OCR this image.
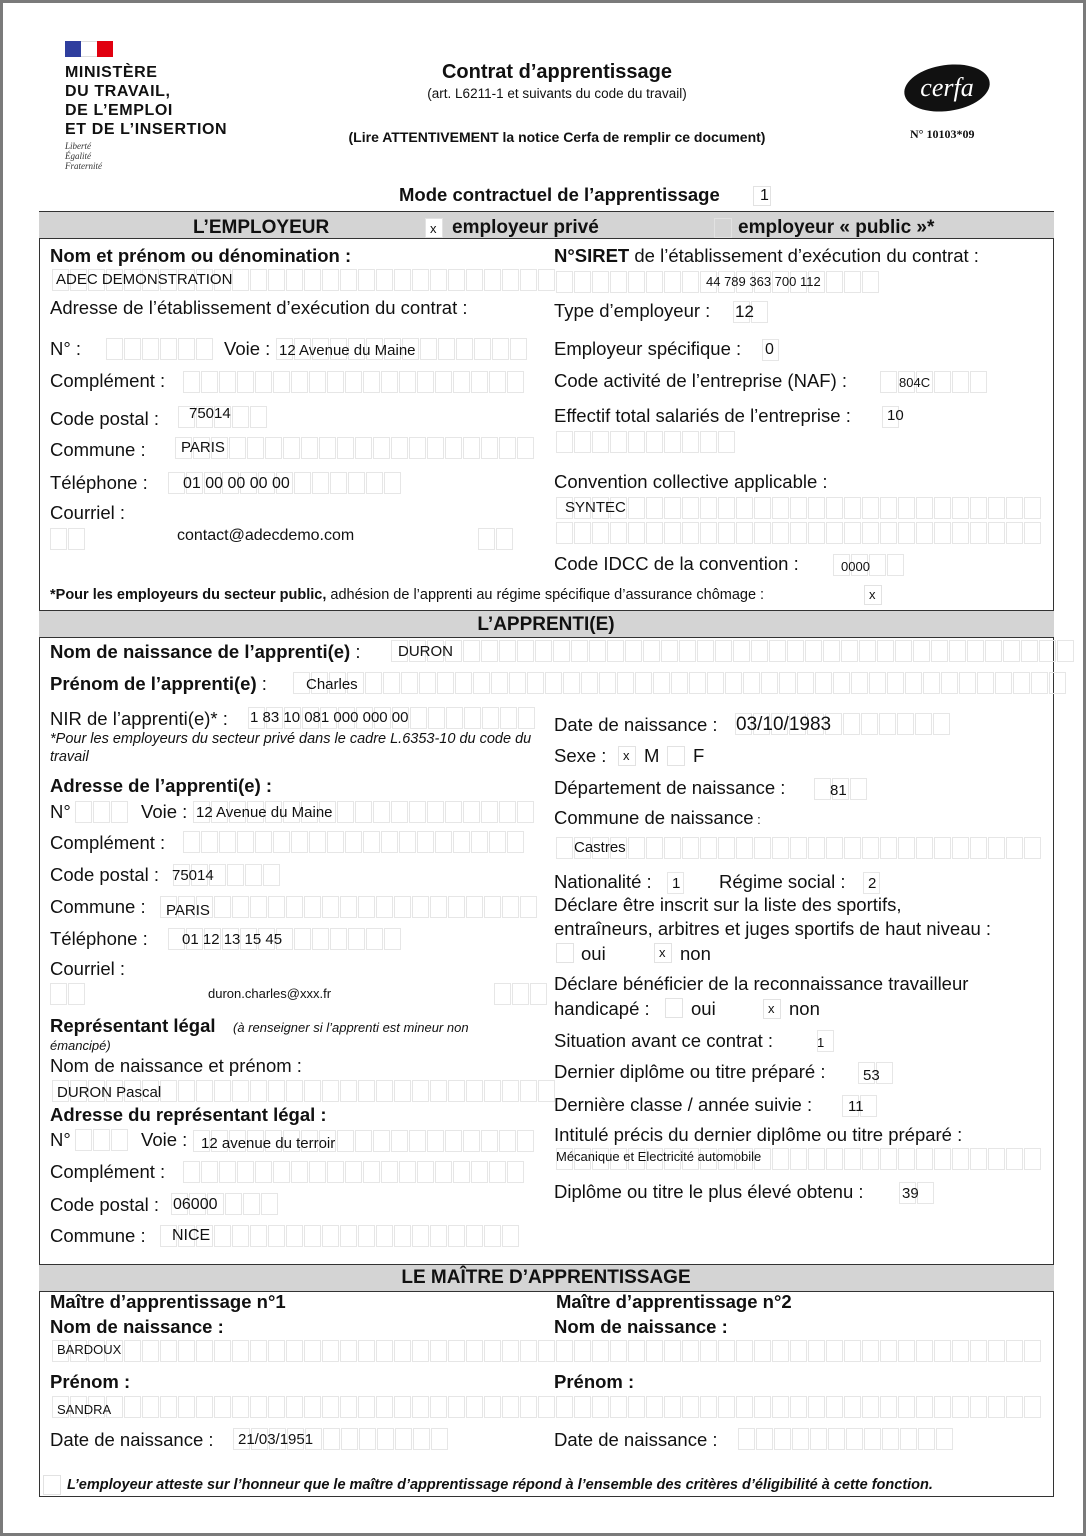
MINISTÈRE
DU TRAVAIL,
DE L’EMPLOI
ET DE L’INSERTION
Liberté
Égalité
Fraternité
Contrat d’apprentissage
(art. L6211-1 et suivants du code du travail)
(Lire ATTENTIVEMENT la notice Cerfa de remplir ce document)
cerfa
N° 10103*09
Mode contractuel de l’apprentissage	1
L’EMPLOYEUR	x employeur privé	employeur « public »*
Nom et prénom ou dénomination :
ADEC DEMONSTRATION
Adresse de l’établissement d’exécution du contrat :
N° :	Voie : 12 Avenue du Maine
Complément :
Code postal : 75014
Commune : PARIS
Téléphone : 01 00 00 00 00
Courriel :
contact@adecdemo.com
N°SIRET de l’établissement d’exécution du contrat :
44 789 363 700 112
Type d’employeur : 12
Employeur spécifique : 0
Code activité de l’entreprise (NAF) :	804C
Effectif total salariés de l’entreprise : 10
Convention collective applicable :
SYNTEC
Code IDCC de la convention :	0000
*Pour les employeurs du secteur public, adhésion de l’apprenti au régime spécifique d’assurance chômage :	x
L’APPRENTI(E)
Nom de naissance de l’apprenti(e) :	DURON
Prénom de l’apprenti(e) :	Charles
NIR de l’apprenti(e)* : 1 83 10 081 000 000 00
*Pour les employeurs du secteur privé dans le cadre L.6353-10 du code du travail
Adresse de l’apprenti(e) :
N°	Voie : 12 Avenue du Maine
Complément :
Code postal : 75014
Commune : PARIS
Téléphone : 01 12 13 15 45
Courriel :
duron.charles@xxx.fr
Représentant légal (à renseigner si l’apprenti est mineur non
émancipé)
Nom de naissance et prénom :
DURON Pascal
Adresse du représentant légal :
N°	Voie : 12 avenue du terroir
Complément :
Code postal : 06000
Commune : NICE
Date de naissance : 03/10/1983
Sexe : x M F
Département de naissance :	81
Commune de naissance :
Castres
Nationalité : 1 Régime social : 2
Déclare être inscrit sur la liste des sportifs,
entraîneurs, arbitres et juges sportifs de haut niveau :
oui	x non
Déclare bénéficier de la reconnaissance travailleur
handicapé : oui	x non
Situation avant ce contrat :	1
Dernier diplôme ou titre préparé :	53
Dernière classe / année suivie : 11
Intitulé précis du dernier diplôme ou titre préparé :
Mécanique et Electricité automobile
Diplôme ou titre le plus élevé obtenu :	39
LE MAÎTRE D’APPRENTISSAGE
Maître d’apprentissage n°1	Maître d’apprentissage n°2
Nom de naissance :	Nom de naissance :
BARDOUX
Prénom :	Prénom :
SANDRA
Date de naissance : 21/03/1951	Date de naissance :
L’employeur atteste sur l’honneur que le maître d’apprentissage répond à l’ensemble des critères d’éligibilité à cette fonction.
